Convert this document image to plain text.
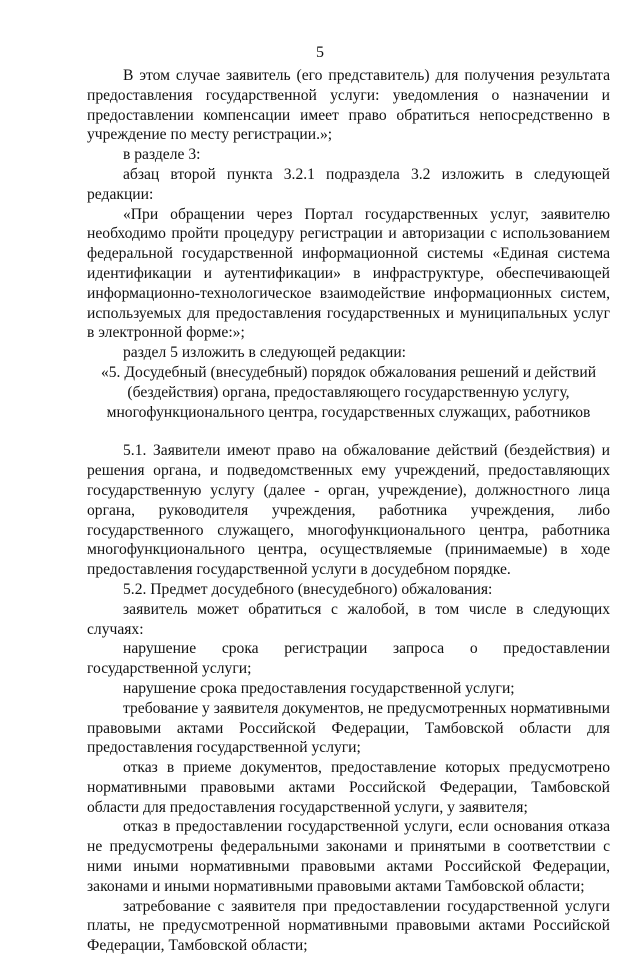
5

В этом случае заявитель (его представитель) для получения результата предоставления государственной услуги: уведомления о назначении и предоставлении компенсации имеет право обратиться непосредственно в учреждение по месту регистрации.»;

в разделе 3:

абзац второй пункта 3.2.1 подраздела 3.2 изложить в следующей редакции:

«При обращении через Портал государственных услуг, заявителю необходимо пройти процедуру регистрации и авторизации с использованием федеральной государственной информационной системы «Единая система идентификации и аутентификации» в инфраструктуре, обеспечивающей информационно-технологическое взаимодействие информационных систем, используемых для предоставления государственных и муниципальных услуг в электронной форме:»;

раздел 5 изложить в следующей редакции:

«5. Досудебный (внесудебный) порядок обжалования решений и действий

(бездействия) органа, предоставляющего государственную услугу,

многофункционального центра, государственных служащих, работников

5.1. Заявители имеют право на обжалование действий (бездействия) и решения органа, и подведомственных ему учреждений, предоставляющих государственную услугу (далее - орган, учреждение), должностного лица органа, руководителя учреждения, работника учреждения, либо государственного служащего, многофункционального центра, работника многофункционального центра, осуществляемые (принимаемые) в ходе предоставления государственной услуги в досудебном порядке.

5.2. Предмет досудебного (внесудебного) обжалования:

заявитель может обратиться с жалобой, в том числе в следующих случаях:

нарушение срока регистрации запроса о предоставлении государственной услуги;

нарушение срока предоставления государственной услуги;

требование у заявителя документов, не предусмотренных нормативными правовыми актами Российской Федерации, Тамбовской области для предоставления государственной услуги;

отказ в приеме документов, предоставление которых предусмотрено нормативными правовыми актами Российской Федерации, Тамбовской области для предоставления государственной услуги, у заявителя;

отказ в предоставлении государственной услуги, если основания отказа не предусмотрены федеральными законами и принятыми в соответствии с ними иными нормативными правовыми актами Российской Федерации, законами и иными нормативными правовыми актами Тамбовской области;

затребование с заявителя при предоставлении государственной услуги платы, не предусмотренной нормативными правовыми актами Российской Федерации, Тамбовской области;
